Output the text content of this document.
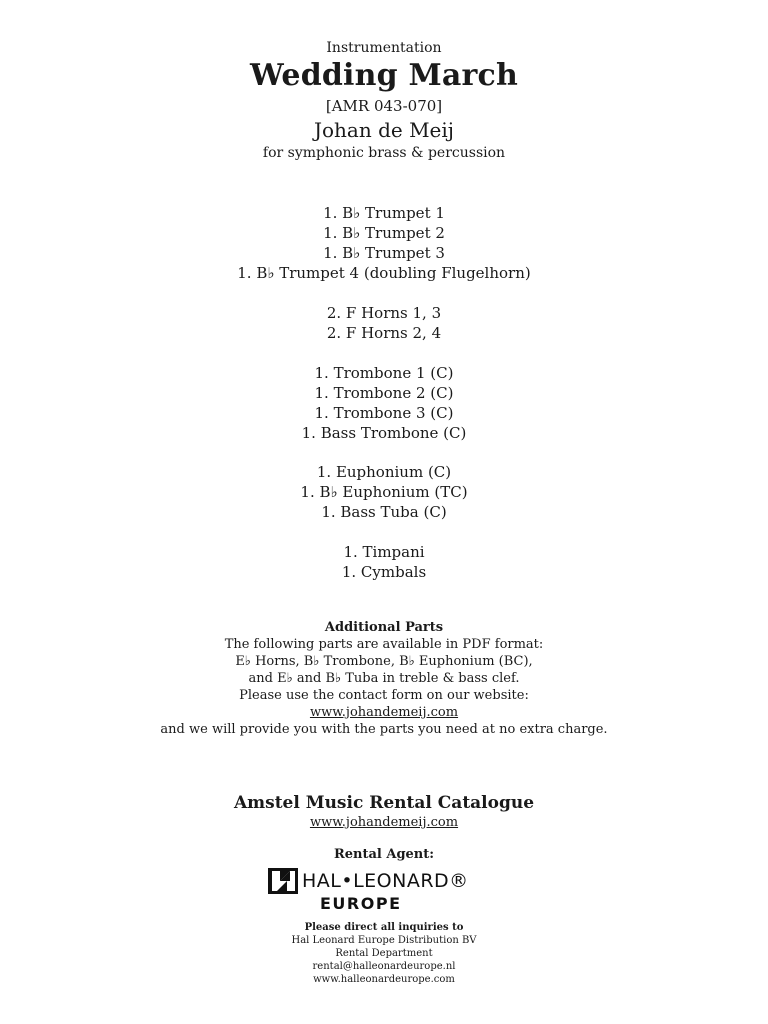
Instrumentation
Wedding March
[AMR 043-070]
Johan de Meij
for symphonic brass & percussion
1. B♭ Trumpet 1
1. B♭ Trumpet 2
1. B♭ Trumpet 3
1. B♭ Trumpet 4 (doubling Flugelhorn)
2. F Horns 1, 3
2. F Horns 2, 4
1. Trombone 1 (C)
1. Trombone 2 (C)
1. Trombone 3 (C)
1. Bass Trombone (C)
1. Euphonium (C)
1. B♭ Euphonium (TC)
1. Bass Tuba (C)
1. Timpani
1. Cymbals
Additional Parts
The following parts are available in PDF format:
E♭ Horns, B♭ Trombone, B♭ Euphonium (BC),
and E♭ and B♭ Tuba in treble & bass clef.
Please use the contact form on our website:
www.johandemeij.com
and we will provide you with the parts you need at no extra charge.
Amstel Music Rental Catalogue
www.johandemeij.com
Rental Agent:
HAL•LEONARD®
EUROPE
Please direct all inquiries to
Hal Leonard Europe Distribution BV
Rental Department
rental@halleonardeurope.nl
www.halleonardeurope.com
